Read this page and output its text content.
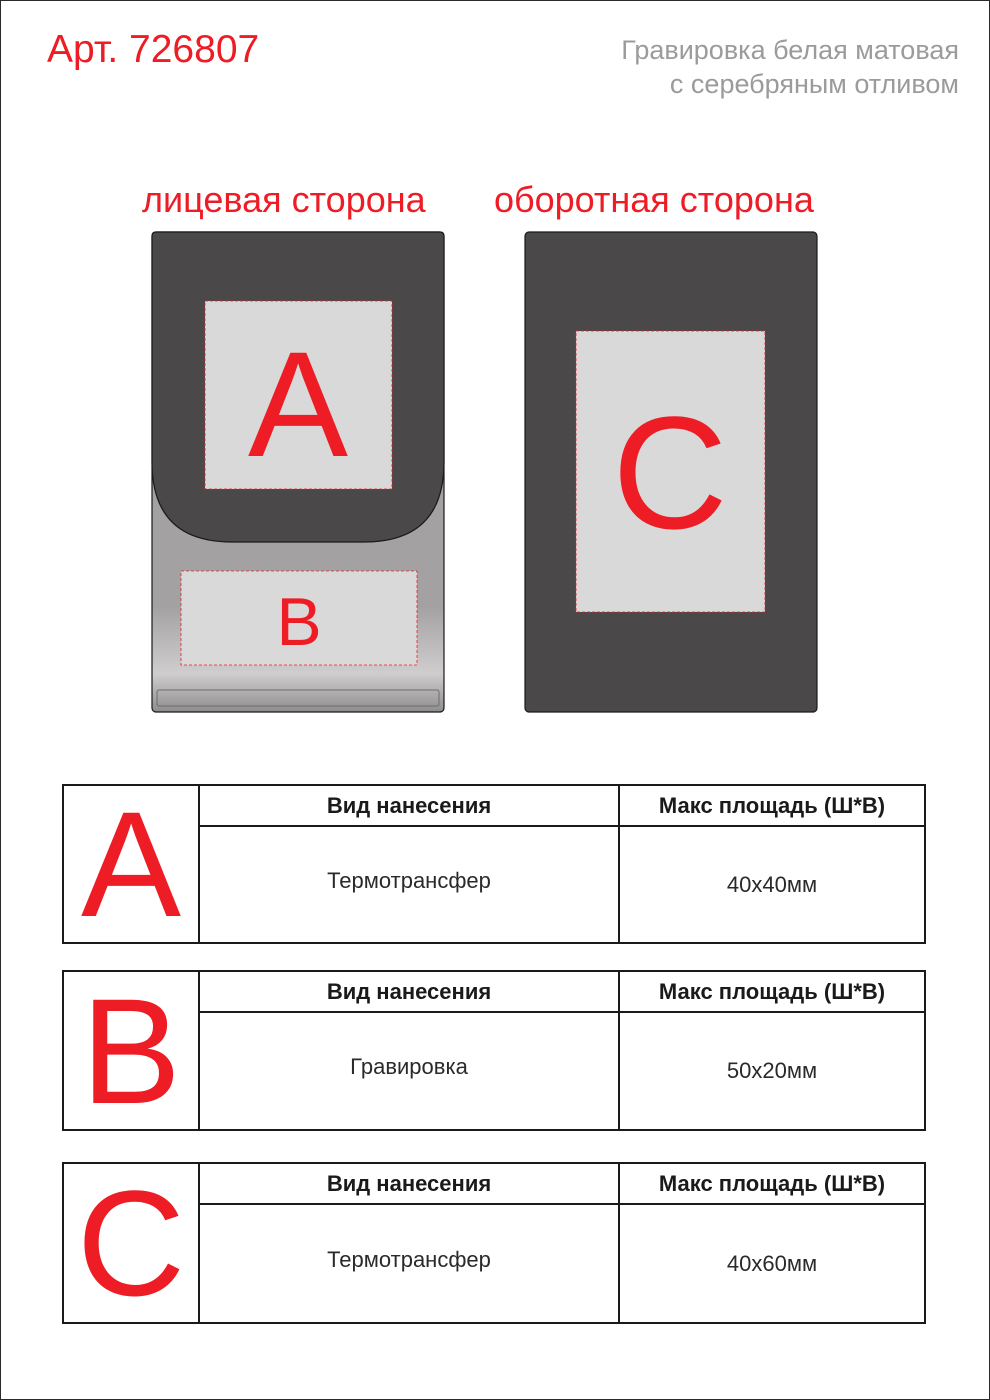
Арт. 726807	Гравировка белая матовая
с серебряным отливом
лицевая сторона оборотная сторона
A
B
C
A	Вид нанесения	Макс площадь (Ш*В)
Термотрансфер	40x40мм
B	Вид нанесения	Макс площадь (Ш*В)
Гравировка	50x20мм
C	Вид нанесения	Макс площадь (Ш*В)
Термотрансфер	40x60мм
